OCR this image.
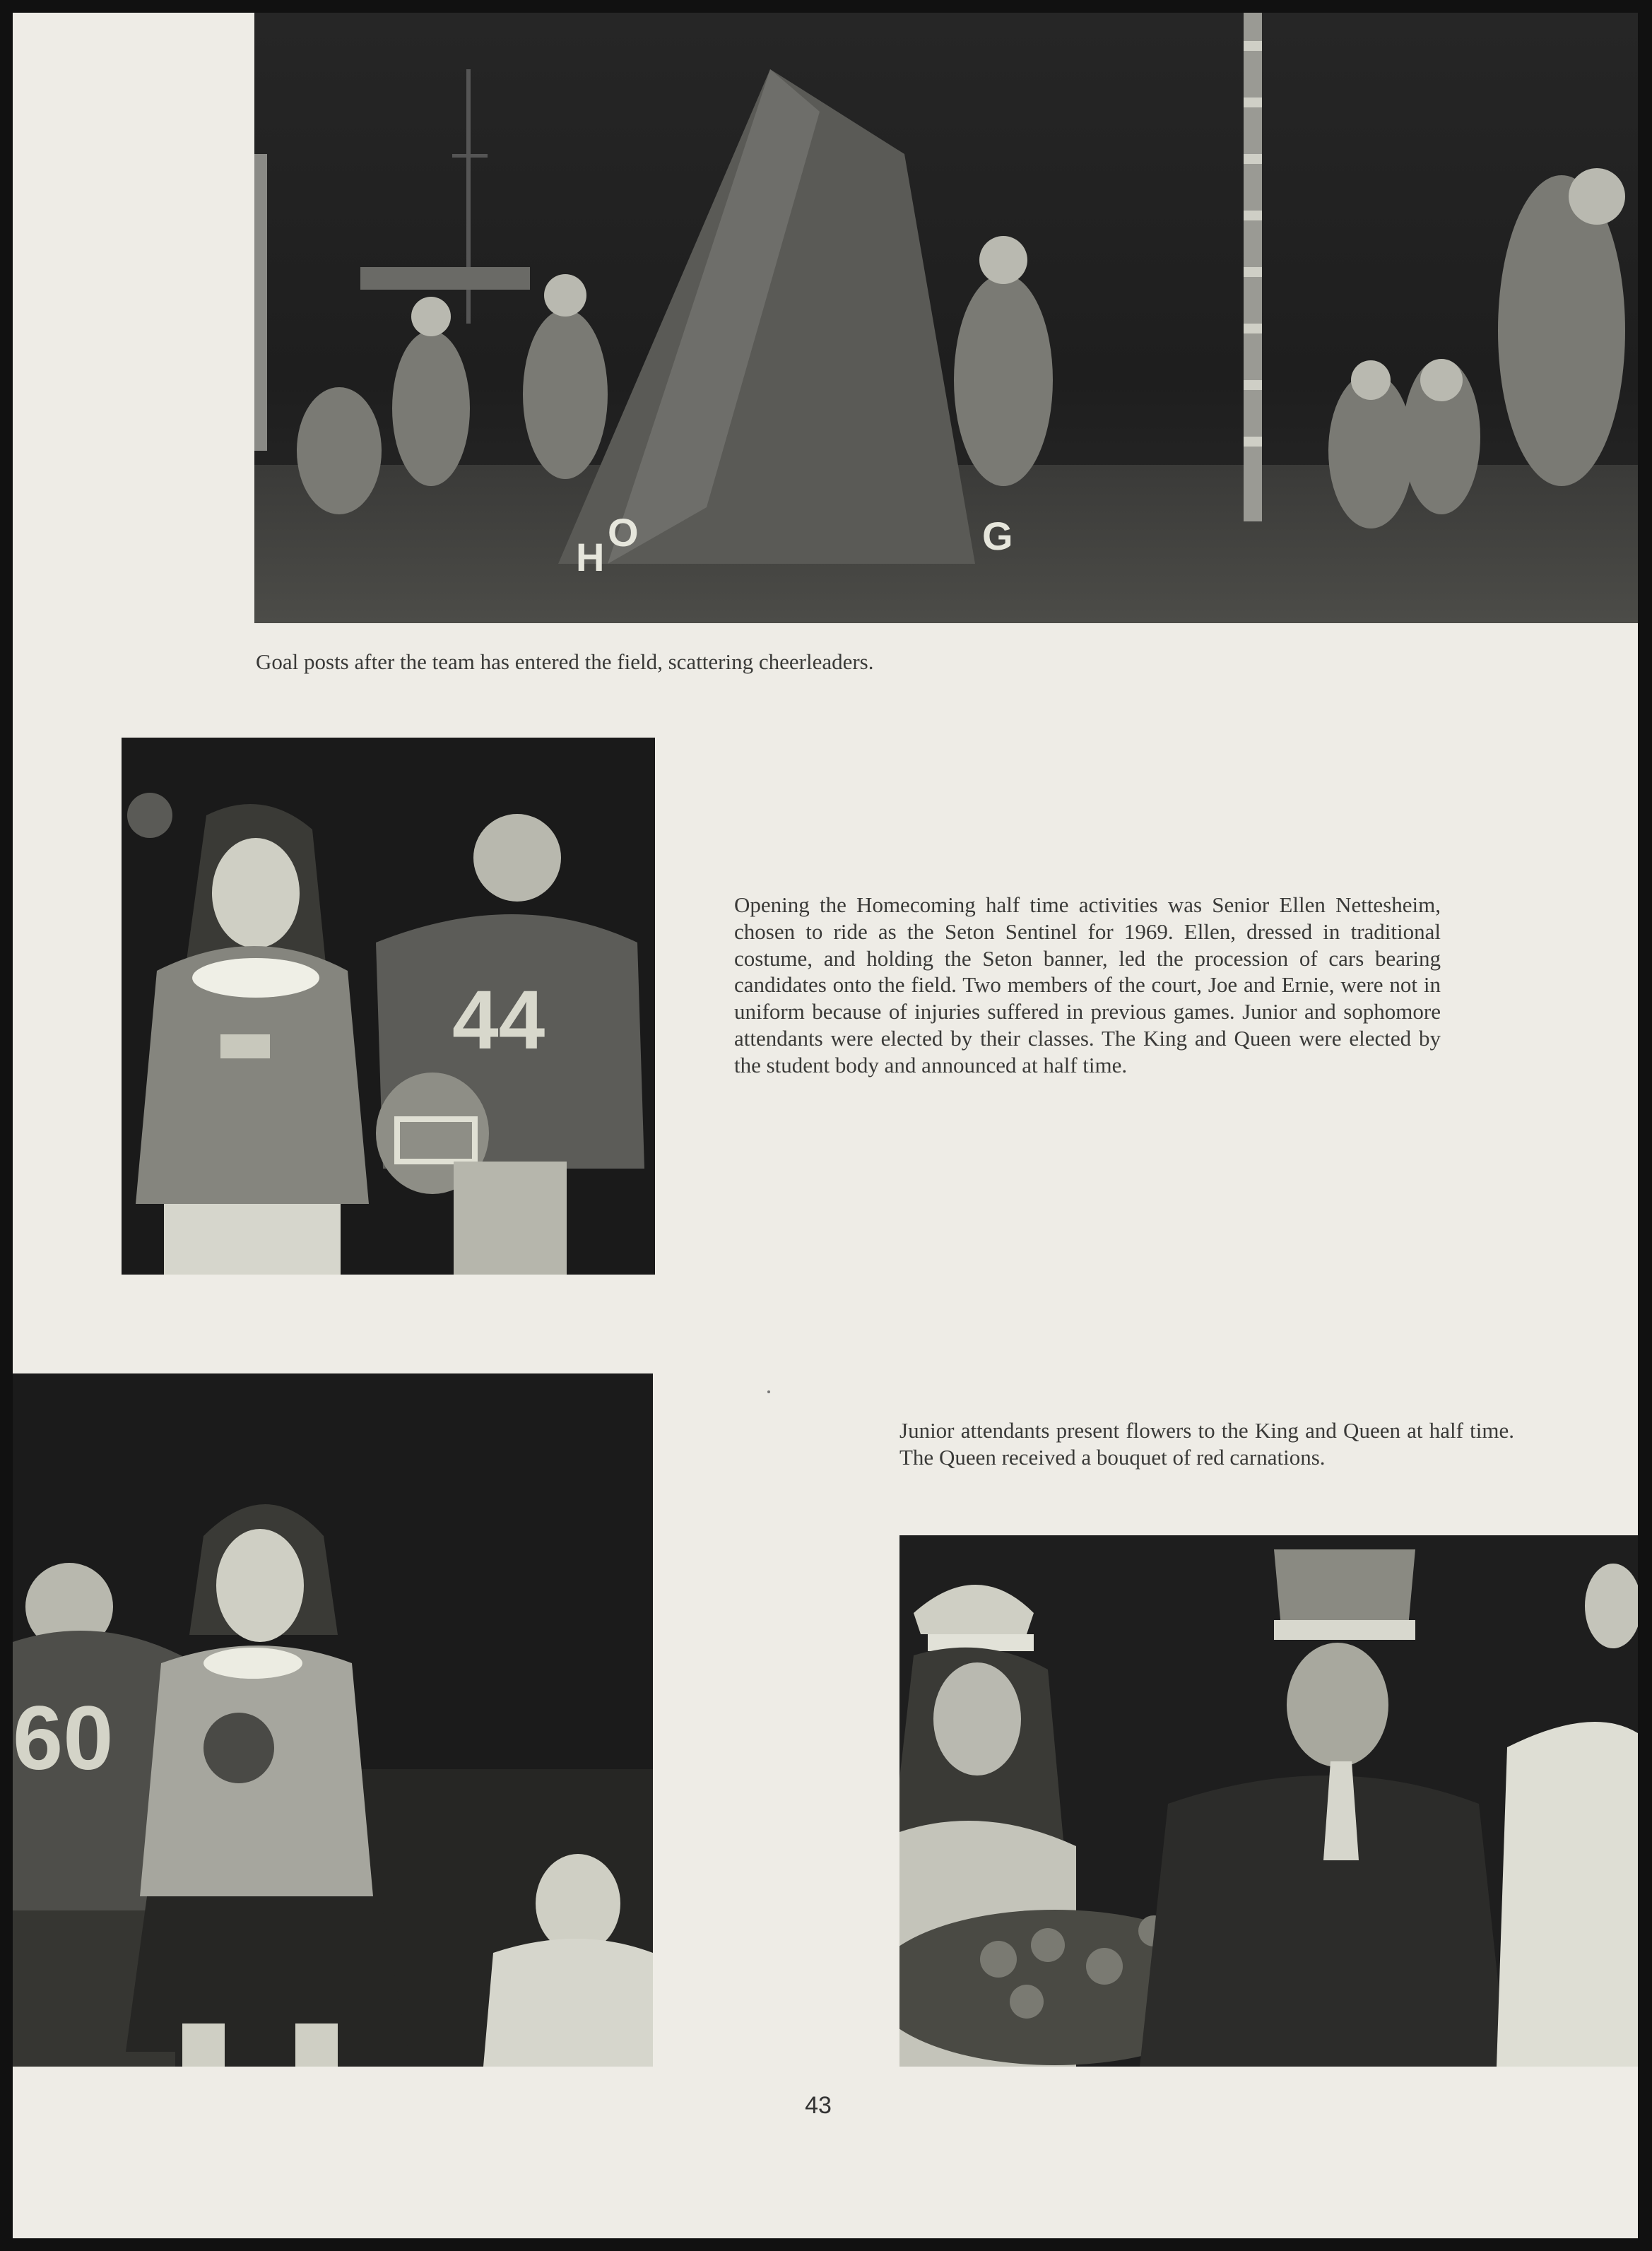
H
O	G

Goal posts after the team has entered the field, scattering cheerleaders.

44

Opening the Homecoming half time activities was Senior Ellen Nettesheim, chosen to ride as the Seton Sentinel for 1969. Ellen, dressed in traditional costume, and holding the Seton banner, led the procession of cars bearing candidates onto the field. Two members of the court, Joe and Ernie, were not in uniform because of injuries suffered in previous games. Junior and sophomore attendants were elected by their classes. The King and Queen were elected by the student body and announced at half time.

60

Junior attendants present flowers to the King and Queen at half time. The Queen received a bouquet of red carnations.

43
